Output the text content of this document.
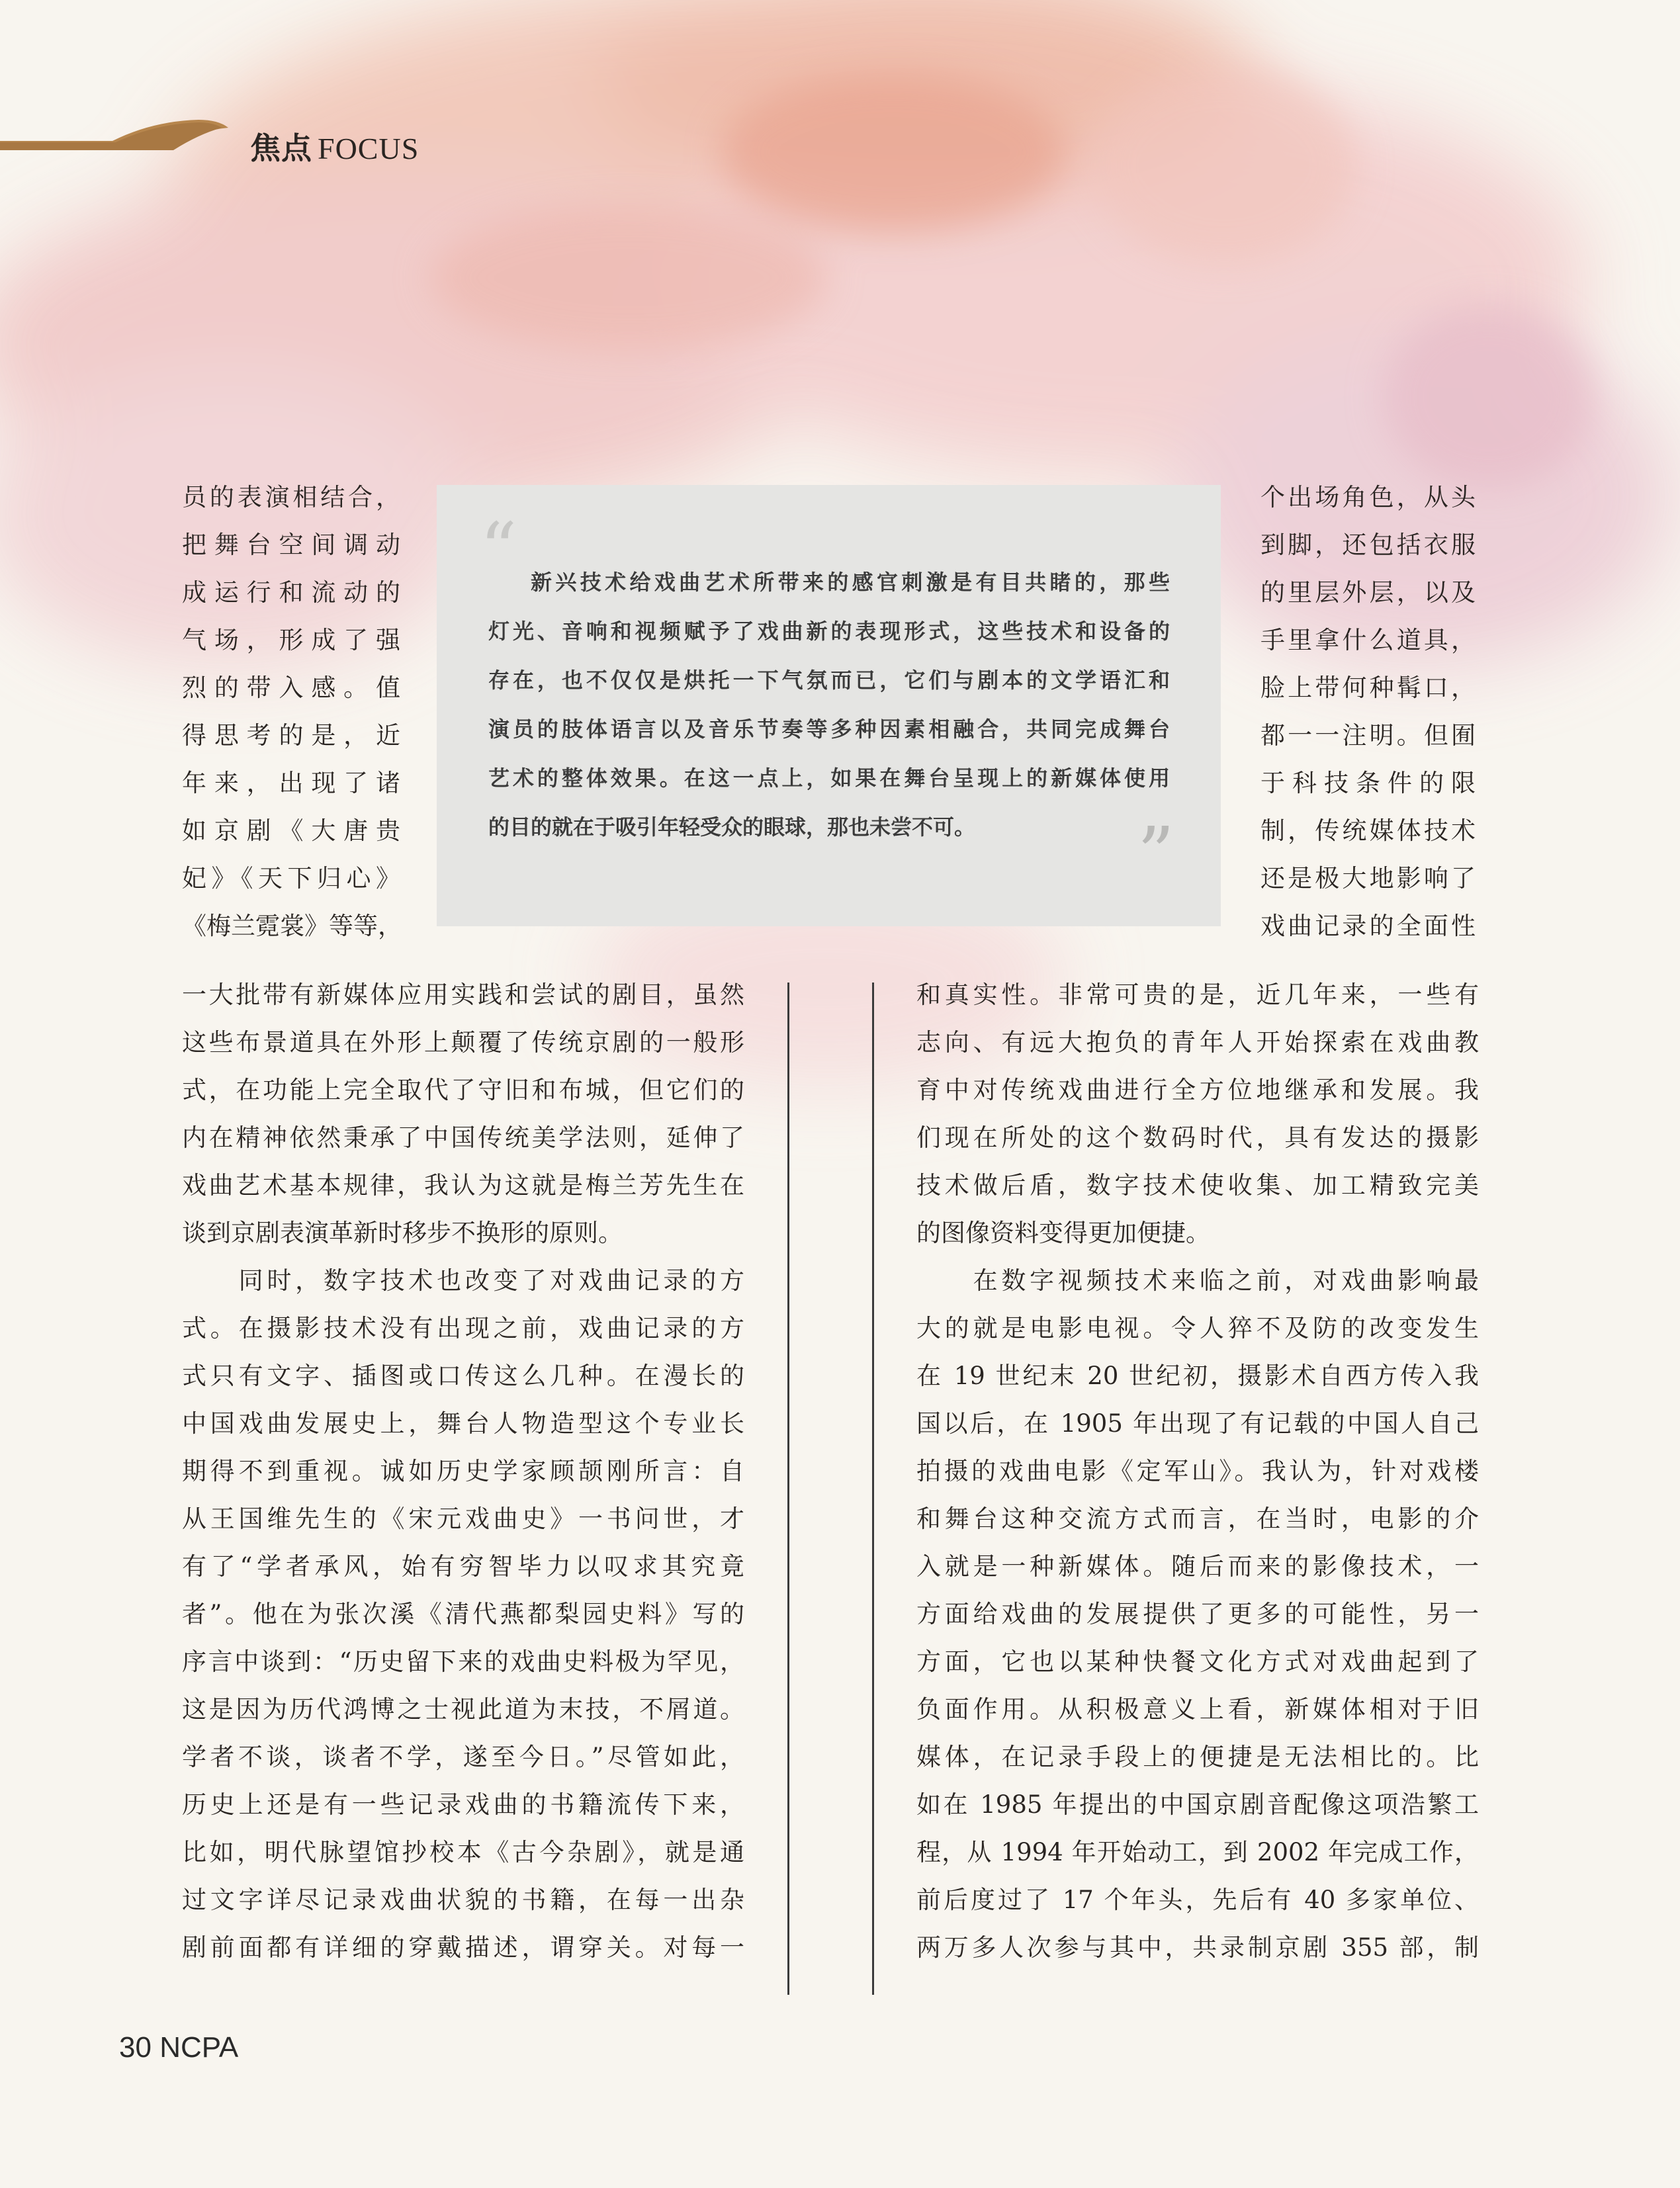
焦点 FOCUS
员的表演相结合，
把舞台空间调动
成运行和流动的
气场，形成了强
烈的带入感。值
得思考的是，近
年来，出现了诸
如京剧《大唐贵
妃》《天下归心》
《梅兰霓裳》等等，
“ 新兴技术给戏曲艺术所带来的感官刺激是有目共睹的，那些
灯光、音响和视频赋予了戏曲新的表现形式，这些技术和设备的
存在，也不仅仅是烘托一下气氛而已，它们与剧本的文学语汇和
演员的肢体语言以及音乐节奏等多种因素相融合，共同完成舞台
艺术的整体效果。在这一点上，如果在舞台呈现上的新媒体使用
的目的就在于吸引年轻受众的眼球，那也未尝不可。	”
个出场角色，从头
到脚，还包括衣服
的里层外层，以及
手里拿什么道具，
脸上带何种髯口，
都一一注明。但囿
于科技条件的限
制，传统媒体技术
还是极大地影响了
戏曲记录的全面性
一大批带有新媒体应用实践和尝试的剧目，虽然
这些布景道具在外形上颠覆了传统京剧的一般形
式，在功能上完全取代了守旧和布城，但它们的
内在精神依然秉承了中国传统美学法则，延伸了
戏曲艺术基本规律，我认为这就是梅兰芳先生在
谈到京剧表演革新时移步不换形的原则。
　　同时，数字技术也改变了对戏曲记录的方
式。在摄影技术没有出现之前，戏曲记录的方
式只有文字、插图或口传这么几种。在漫长的
中国戏曲发展史上，舞台人物造型这个专业长
期得不到重视。诚如历史学家顾颉刚所言：自
从王国维先生的《宋元戏曲史》一书问世，才
有了“学者承风，始有穷智毕力以叹求其究竟
者”。他在为张次溪《清代燕都梨园史料》写的
序言中谈到：“历史留下来的戏曲史料极为罕见，
这是因为历代鸿博之士视此道为末技，不屑道。
学者不谈，谈者不学，遂至今日。”尽管如此，
历史上还是有一些记录戏曲的书籍流传下来，
比如，明代脉望馆抄校本《古今杂剧》，就是通
过文字详尽记录戏曲状貌的书籍，在每一出杂
剧前面都有详细的穿戴描述，谓穿关。对每一
和真实性。非常可贵的是，近几年来，一些有
志向、有远大抱负的青年人开始探索在戏曲教
育中对传统戏曲进行全方位地继承和发展。我
们现在所处的这个数码时代，具有发达的摄影
技术做后盾，数字技术使收集、加工精致完美
的图像资料变得更加便捷。
　　在数字视频技术来临之前，对戏曲影响最
大的就是电影电视。令人猝不及防的改变发生
在 19 世纪末 20 世纪初，摄影术自西方传入我
国以后，在 1905 年出现了有记载的中国人自己
拍摄的戏曲电影《定军山》。我认为，针对戏楼
和舞台这种交流方式而言，在当时，电影的介
入就是一种新媒体。随后而来的影像技术，一
方面给戏曲的发展提供了更多的可能性，另一
方面，它也以某种快餐文化方式对戏曲起到了
负面作用。从积极意义上看，新媒体相对于旧
媒体，在记录手段上的便捷是无法相比的。比
如在 1985 年提出的中国京剧音配像这项浩繁工
程，从 1994 年开始动工，到 2002 年完成工作，
前后度过了 17 个年头，先后有 40 多家单位、
两万多人次参与其中，共录制京剧 355 部，制
30 NCPA
